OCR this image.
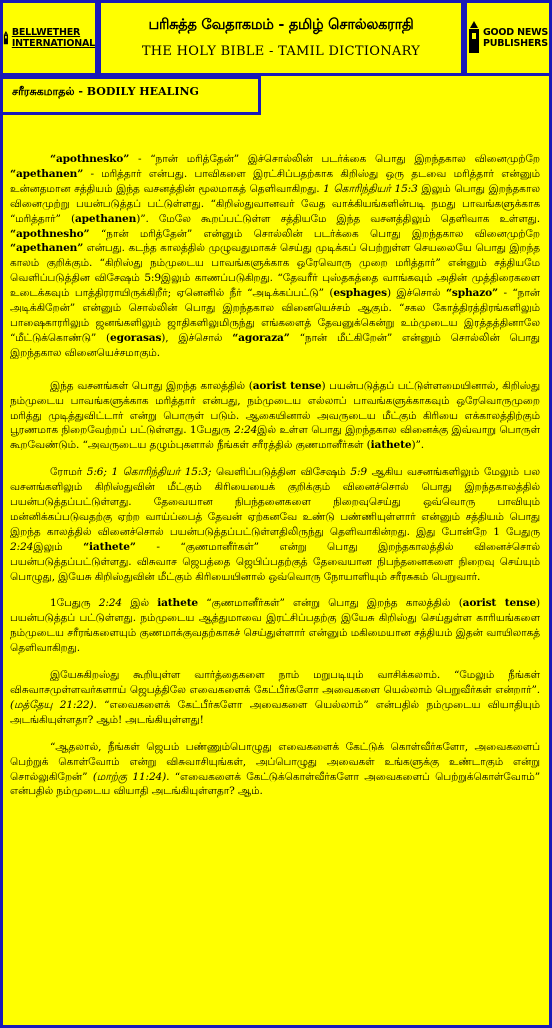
BELLWETHER
INTERNATIONAL
பரிசுத்த வேதாகமம் - தமிழ் சொல்லகராதி
THE HOLY BIBLE - TAMIL DICTIONARY
GOOD NEWS
PUBLISHERS
சரீரசுகமாதல் - BODILY HEALING

“apothnesko” - “நான் மரித்தேன்” இச்சொல்லின் படர்க்கை பொது இறந்தகால வினைமுற்றே “apethanen” - மரித்தார் என்பது. பாவிகளை இரட்சிப்பதற்காக கிறிஸ்து ஒரு தடவை மரித்தார் என்னும் உன்னதமான சத்தியம் இந்த வசனத்தின் மூலமாகத் தெளிவாகிறது. 1 கொரிந்தியர் 15:3 இலும் பொது இறந்தகால வினைமுற்று பயன்படுத்தப் பட்டுள்ளது. “கிறிஸ்துவானவர் வேத வாக்கியங்களின்படி நமது பாவங்களுக்காக “மரித்தார்” (apethanen)”. மேலே கூறப்பட்டுள்ள சத்தியமே இந்த வசனத்திலும் தெளிவாக உள்ளது. “apothnesho” “நான் மரித்தேன்” என்னும் சொல்லின் படர்க்கை பொது இறந்தகால வினைமுற்றே “apethanen” என்பது. கடந்த காலத்தில் முழுவதுமாகச் செய்து முடிக்கப் பெற்றுள்ள செயலையே பொது இறந்த காலம் குறிக்கும். “கிறிஸ்து நம்முடைய பாவங்களுக்காக ஒரேவொரு முறை மரித்தார்” என்னும் சத்தியமே வெளிப்படுத்தின விசேஷம் 5:9இலும் காணப்படுகிறது. “தேவரீர் புஸ்தகத்தை வாங்கவும் அதின் முத்திரைகளை உடைக்கவும் பாத்திரராயிருக்கிறீர்; ஏனெனில் நீர் “அடிக்கப்பட்டு” (esphages) இச்சொல் “sphazo” - “நான் அடிக்கிறேன்” என்னும் சொல்லின் பொது இறந்தகால வினையெச்சம் ஆகும். “சகல கோத்திரத்திரங்களிலும் பாஷைகாரரிலும் ஜனங்களிலும் ஜாதிகளிலுமிருந்து எங்களைத் தேவனுக்கென்று உம்முடைய இரத்தத்தினாலே “மீட்டுக்கொண்டு” (egorasas), இச்சொல் “agoraza” “நான் மீட்கிறேன்” என்னும் சொல்லின் பொது இறந்தகால வினையெச்சமாகும்.

இந்த வசனங்கள் பொது இறந்த காலத்தில் (aorist tense) பயன்படுத்தப் பட்டுள்ளமையினால், கிறிஸ்து நம்முடைய பாவங்களுக்காக மரித்தார் என்பது, நம்முடைய எல்லாப் பாவங்களுக்காகவும் ஒரேவொருமுறை மரித்து முடித்துவிட்டார் என்று பொருள் படும். ஆகையினால் அவருடைய மீட்கும் கிரியை எக்காலத்திற்கும் பூரணமாக நிறைவேற்றப் பட்டுள்ளது. 1பேதுரு 2:24இல் உள்ள பொது இறந்தகால வினைக்கு இவ்வாறு பொருள் கூறவேண்டும். “அவருடைய தழும்புகளால் நீங்கள் சரீரத்தில் குணமானீர்கள் (iathete)”.

ரோமர் 5:6; 1 கொரிந்தியர் 15:3; வெளிப்படுத்தின விசேஷம் 5:9 ஆகிய வசனங்களிலும் மேலும் பல வசனங்களிலும் கிறிஸ்துவின் மீட்கும் கிரியையைக் குறிக்கும் வினைச்சொல் பொது இறந்தகாலத்தில் பயன்படுத்தப்பட்டுள்ளது. தேவையான நிபந்தனைகளை நிறைவுசெய்து ஒவ்வொரு பாவியும் மன்னிக்கப்படுவதற்கு ஏற்ற வாய்ப்பைத் தேவன் ஏற்கனவே உண்டு பண்ணியுள்ளார் என்னும் சத்தியம் பொது இறந்த காலத்தில் வினைச்சொல் பயன்படுத்தப்பட்டுள்ளதிலிருந்து தெளிவாகின்றது. இது போன்றே 1 பேதுரு 2:24இலும் “iathete” - “குணமானீர்கள்” என்று பொது இறந்தகாலத்தில் வினைச்சொல் பயன்படுத்தப்பட்டுள்ளது. விசுவாச ஜெபத்தை ஜெபிப்பதற்குத் தேவையான நிபந்தனைகளை நிறைவு செய்யும் பொழுது, இயேசு கிறிஸ்துவின் மீட்கும் கிரியையினால் ஒவ்வொரு நோயாளியும் சரீரசுகம் பெறுவார்.

1பேதுரு 2:24 இல் iathete “குணமானீர்கள்” என்று பொது இறந்த காலத்தில் (aorist tense) பயன்படுத்தப் பட்டுள்ளது. நம்முடைய ஆத்துமாவை இரட்சிப்பதற்கு இயேசு கிறிஸ்து செய்துள்ள காரியங்களை நம்முடைய சரீரங்களையும் குணமாக்குவதற்காகச் செய்துள்ளார் என்னும் மகிமையான சத்தியம் இதன் வாயிலாகத் தெளிவாகிறது.

இயேசுகிறஸ்து கூறியுள்ள வார்த்தைகளை நாம் மறுபடியும் வாசிக்கலாம். “மேலும் நீங்கள் விசுவாசமுள்ளவர்களாய் ஜெபத்திலே எவைகளைக் கேட்பீர்களோ அவைகளை யெல்லாம் பெறுவீர்கள் என்றார்”. (மத்தேயு 21:22). “எவைகளைக் கேட்பீர்களோ அவைகளை யெல்லாம்” என்பதில் நம்முடைய வியாதியும் அடங்கியுள்ளதா? ஆம்! அடங்கியுள்ளது!

“ஆதலால், நீங்கள் ஜெபம் பண்ணும்பொழுது எவைகளைக் கேட்டுக் கொள்வீர்களோ, அவைகளைப் பெற்றுக் கொள்வோம் என்று விசுவாசியுங்கள், அப்பொழுது அவைகள் உங்களுக்கு உண்டாகும் என்று சொல்லுகிறேன்” (மாற்கு 11:24). “எவைகளைக் கேட்டுக்கொள்வீர்களோ அவைகளைப் பெற்றுக்கொள்வோம்” என்பதில் நம்முடைய வியாதி அடங்கியுள்ளதா? ஆம்.
